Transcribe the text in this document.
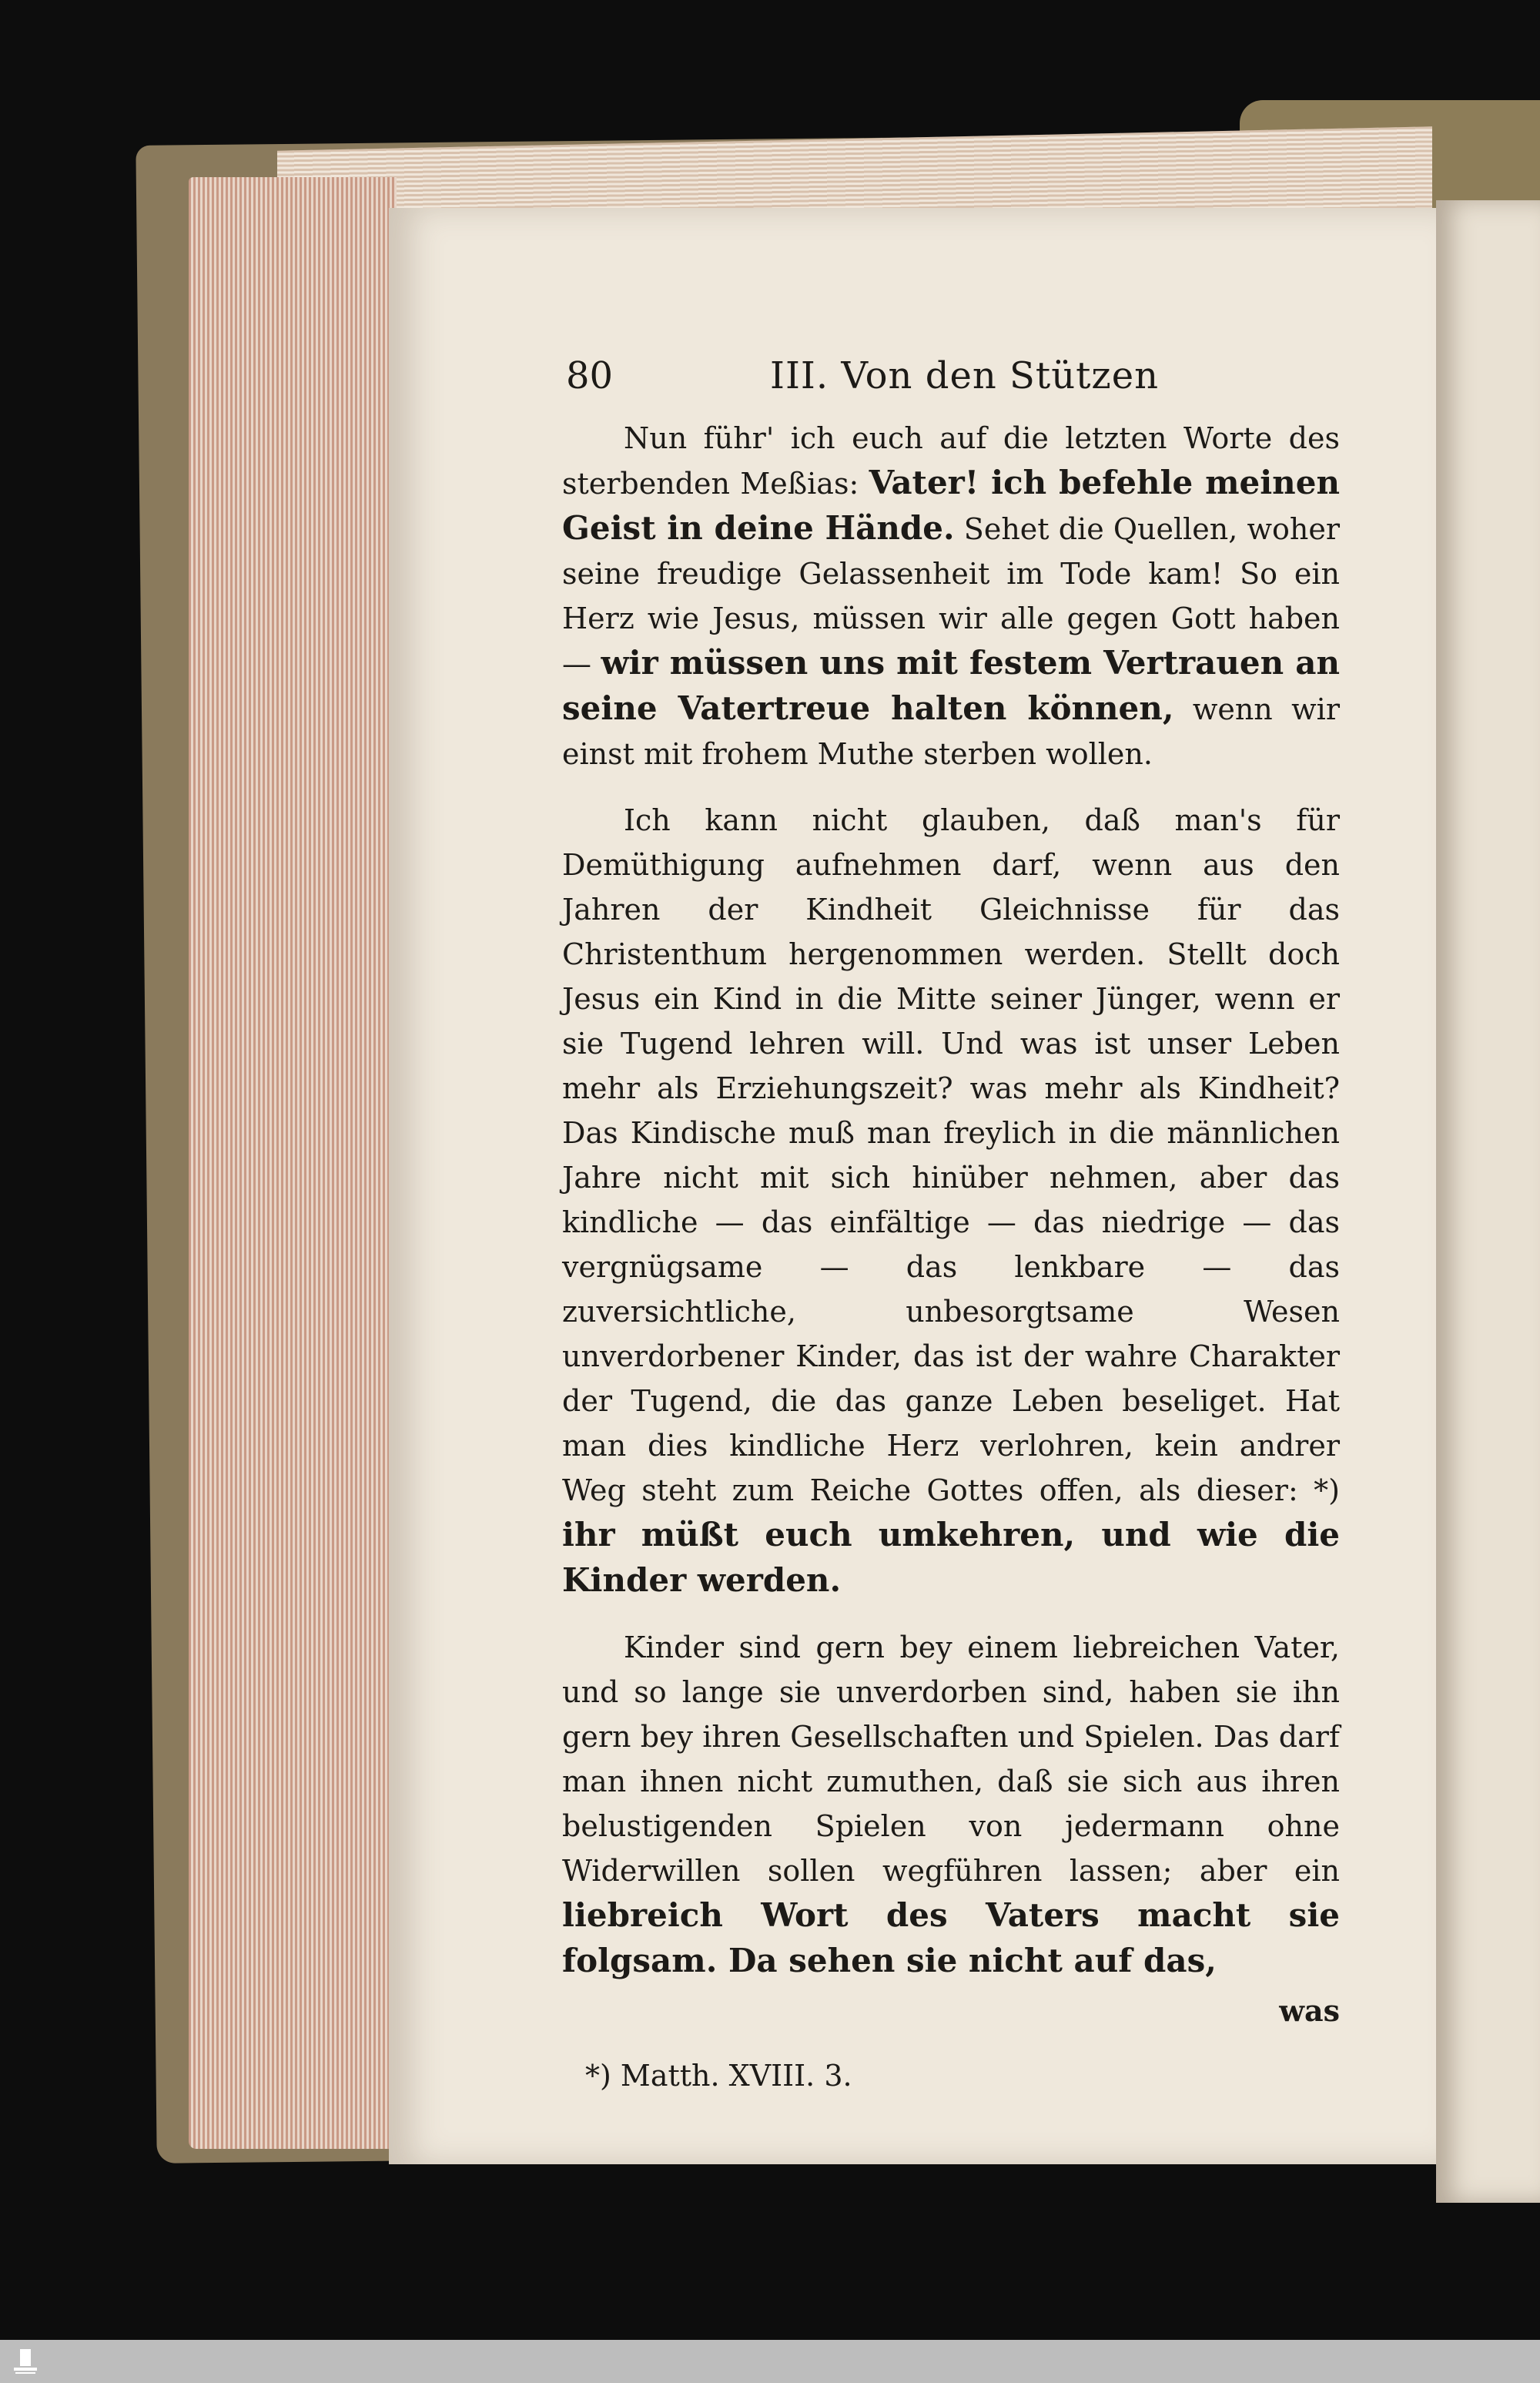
80	III. Von den Stützen

Nun führ' ich euch auf die letzten Worte des sterbenden Meßias: Vater! ich befehle meinen Geist in deine Hände. Sehet die Quellen, woher seine freudige Gelassenheit im Tode kam! So ein Herz wie Jesus, müssen wir alle gegen Gott haben — wir müssen uns mit festem Vertrauen an seine Vatertreue halten können, wenn wir einst mit frohem Muthe sterben wollen.

Ich kann nicht glauben, daß man's für Demüthigung aufnehmen darf, wenn aus den Jahren der Kindheit Gleichnisse für das Christenthum hergenommen werden. Stellt doch Jesus ein Kind in die Mitte seiner Jünger, wenn er sie Tugend lehren will. Und was ist unser Leben mehr als Erziehungszeit? was mehr als Kindheit? Das Kindische muß man freylich in die männlichen Jahre nicht mit sich hinüber nehmen, aber das kindliche — das einfältige — das niedrige — das vergnügsame — das lenkbare — das zuversichtliche, unbesorgtsame Wesen unverdorbener Kinder, das ist der wahre Charakter der Tugend, die das ganze Leben beseliget. Hat man dies kindliche Herz verlohren, kein andrer Weg steht zum Reiche Gottes offen, als dieser: *) ihr müßt euch umkehren, und wie die Kinder werden.

Kinder sind gern bey einem liebreichen Vater, und so lange sie unverdorben sind, haben sie ihn gern bey ihren Gesellschaften und Spielen. Das darf man ihnen nicht zumuthen, daß sie sich aus ihren belustigenden Spielen von jedermann ohne Widerwillen sollen wegführen lassen; aber ein liebreich Wort des Vaters macht sie folgsam. Da sehen sie nicht auf das,

was
*) Matth. XVIII. 3.
